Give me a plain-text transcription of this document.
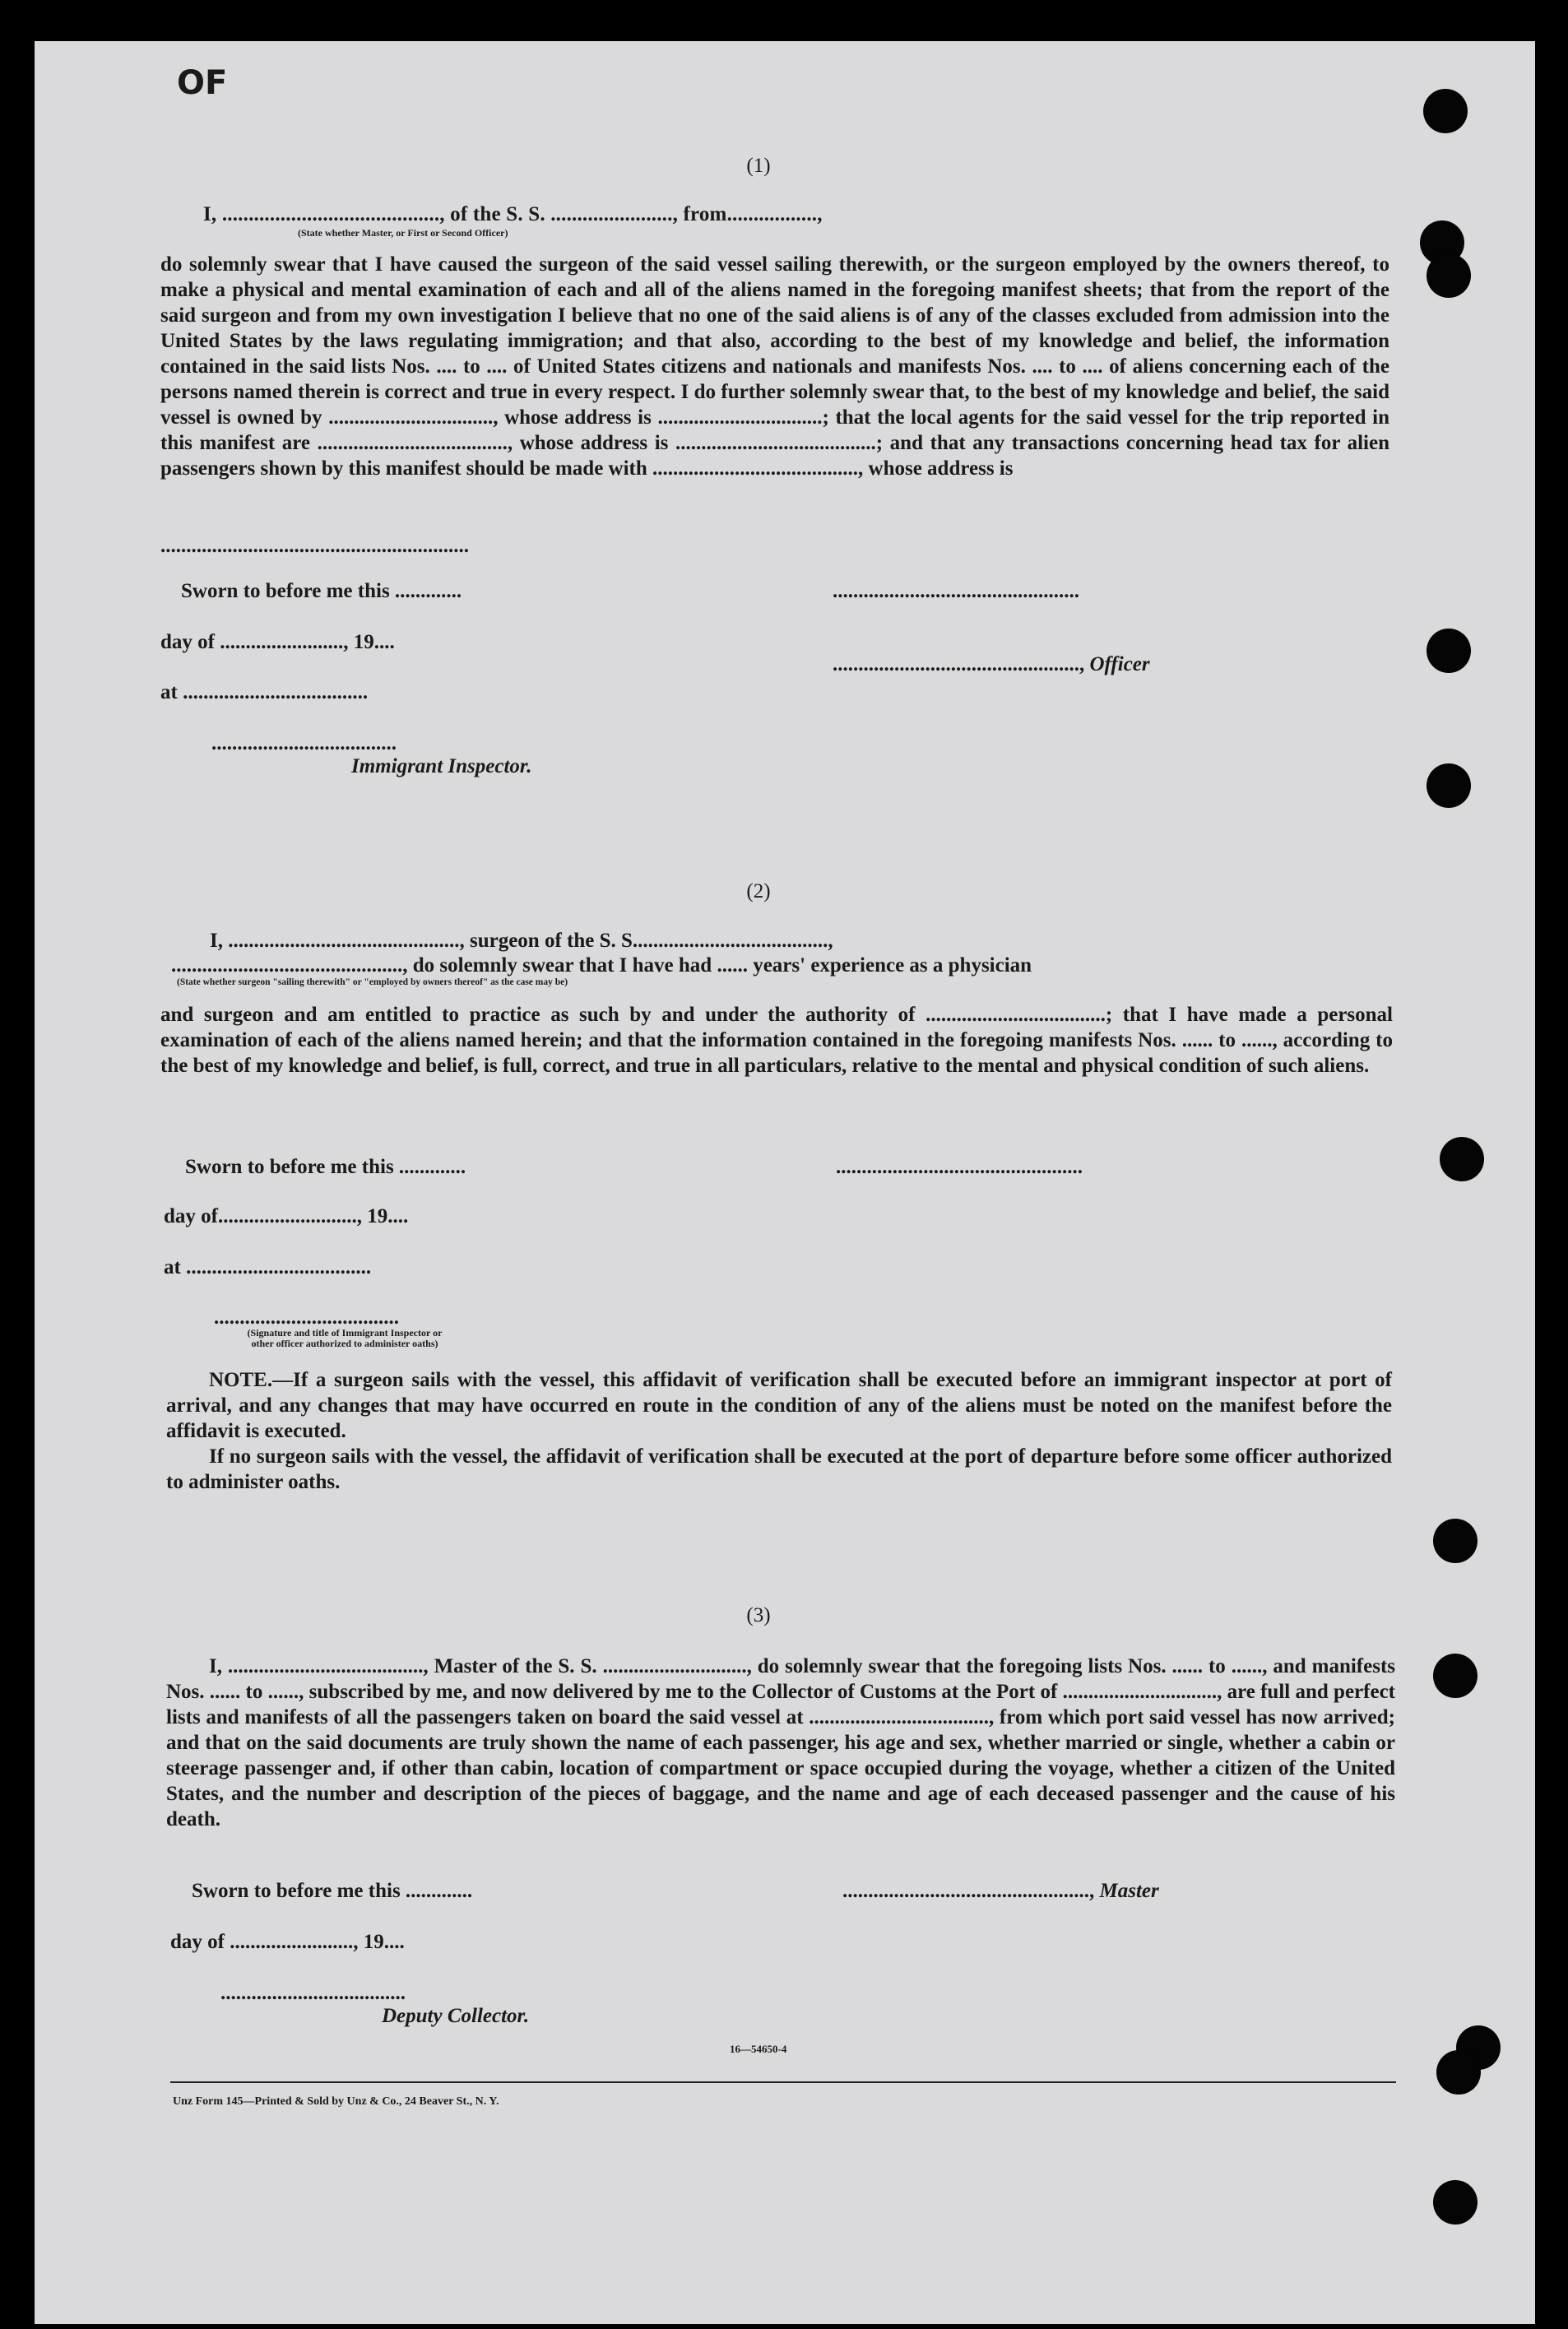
OF
(1)
I, ........................................., of the S. S. ......................., from.................,
(State whether Master, or First or Second Officer)

do solemnly swear that I have caused the surgeon of the said vessel sailing therewith, or the surgeon employed by the owners thereof, to make a physical and mental examination of each and all of the aliens named in the foregoing manifest sheets; that from the report of the said surgeon and from my own investigation I believe that no one of the said aliens is of any of the classes excluded from admission into the United States by the laws regulating immigration; and that also, according to the best of my knowledge and belief, the information contained in the said lists Nos. .... to .... of United States citizens and nationals and manifests Nos. .... to .... of aliens concerning each of the persons named therein is correct and true in every respect. I do further solemnly swear that, to the best of my knowledge and belief, the said vessel is owned by ................................, whose address is ................................; that the local agents for the said vessel for the trip reported in this manifest are ....................................., whose address is .......................................; and that any transactions concerning head tax for alien passengers shown by this manifest should be made with ........................................, whose address is

............................................................
Sworn to before me this .............	................................................
day of ........................, 19....
................................................, Officer
at ....................................
....................................
Immigrant Inspector.
(2)
I, ............................................., surgeon of the S. S......................................,
............................................., do solemnly swear that I have had ...... years' experience as a physician
(State whether surgeon "sailing therewith" or "employed by owners thereof" as the case may be)

and surgeon and am entitled to practice as such by and under the authority of ...................................; that I have made a personal examination of each of the aliens named herein; and that the information contained in the foregoing manifests Nos. ...... to ......, according to the best of my knowledge and belief, is full, correct, and true in all particulars, relative to the mental and physical condition of such aliens.

Sworn to before me this .............	................................................
day of..........................., 19....
at ....................................
....................................
(Signature and title of Immigrant Inspector or
other officer authorized to administer oaths)

NOTE.—If a surgeon sails with the vessel, this affidavit of verification shall be executed before an immigrant inspector at port of arrival, and any changes that may have occurred en route in the condition of any of the aliens must be noted on the manifest before the affidavit is executed.

If no surgeon sails with the vessel, the affidavit of verification shall be executed at the port of departure before some officer authorized to administer oaths.

(3)

I, ......................................, Master of the S. S. ............................, do solemnly swear that the foregoing lists Nos. ...... to ......, and manifests Nos. ...... to ......, subscribed by me, and now delivered by me to the Collector of Customs at the Port of .............................., are full and perfect lists and manifests of all the passengers taken on board the said vessel at ..................................., from which port said vessel has now arrived; and that on the said documents are truly shown the name of each passenger, his age and sex, whether married or single, whether a cabin or steerage passenger and, if other than cabin, location of compartment or space occupied during the voyage, whether a citizen of the United States, and the number and description of the pieces of baggage, and the name and age of each deceased passenger and the cause of his death.

Sworn to before me this .............	................................................, Master
day of ........................, 19....
....................................
Deputy Collector.
16—54650-4
Unz Form 145—Printed & Sold by Unz & Co., 24 Beaver St., N. Y.
